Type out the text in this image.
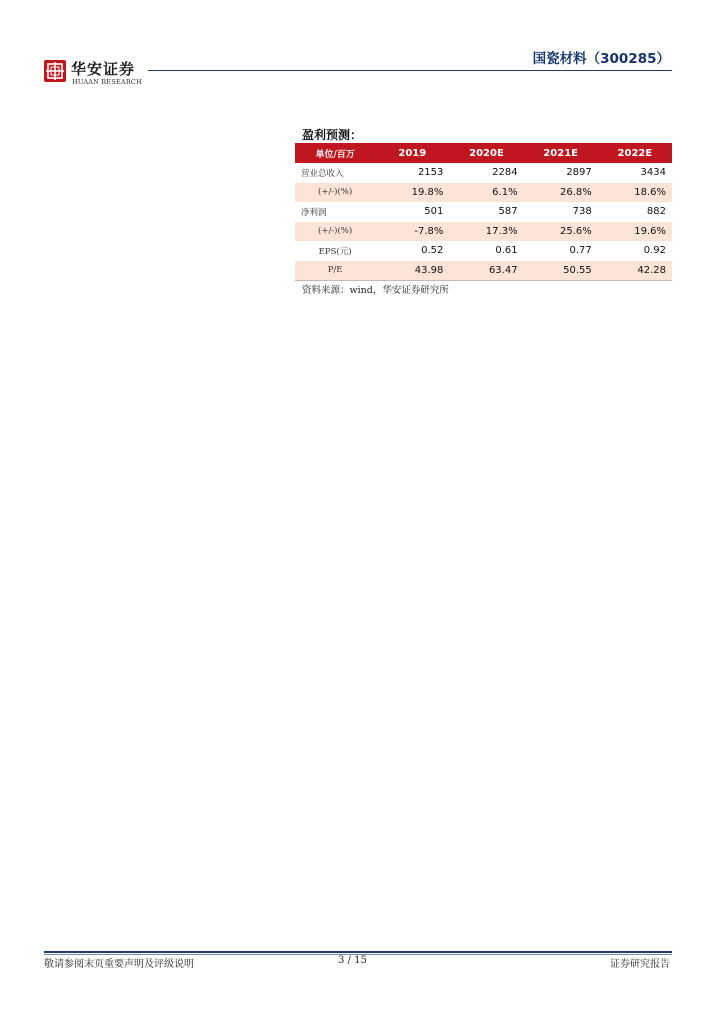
华安证券
HUAAN RESEARCH
国瓷材料（300285）
盈利预测：
单位/百万	2019	2020E	2021E	2022E
营业总收入	2153	2284	2897	3434
(+/-)(%)	19.8%	6.1%	26.8%	18.6%
净利润	501	587	738	882
(+/-)(%)	-7.8%	17.3%	25.6%	19.6%
EPS(元)	0.52	0.61	0.77	0.92
P/E	43.98	63.47	50.55	42.28
资料来源：wind，华安证券研究所
敬请参阅末页重要声明及评级说明	3 / 15	证券研究报告
